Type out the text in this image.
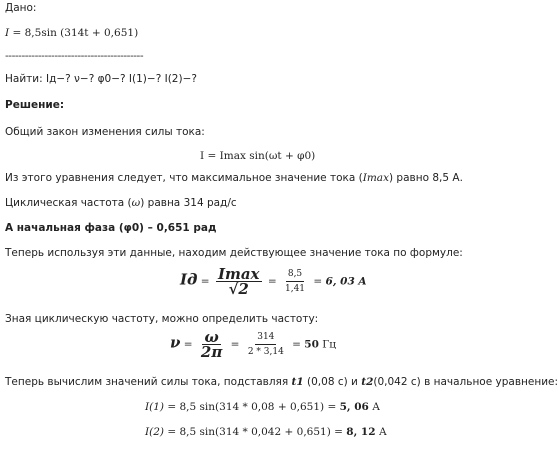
Дано:
I = 8,5sin (314t + 0,651)
------------------------------------------
Найти: Iд−? ν−? φ0−? I(1)−? I(2)−?
Решение:
Общий закон изменения силы тока:
I = Imax sin(ωt + φ0)
Из этого уравнения следует, что максимальное значение тока (Imax) равно 8,5 А.
Циклическая частота (ω) равна 314 рад/с
А начальная фаза (φ0) – 0,651 рад
Теперь используя эти данные, находим действующее значение тока по формуле:
Iд = $\frac{Imax}{√2} = \frac{8,5}{1,41} = 6$, 03 A
Зная циклическую частоту, можно определить частоту:
$\nu = \frac{\omega}{2\pi} = \frac{314}{2 * 3,14} = 50$ Гц
Теперь вычислим значений силы тока, подставляя t1 (0,08 с) и t2(0,042 с) в начальное уравнение:
I(1) = 8,5 sin(314 * 0,08 + 0,651) = 5, 06 А
I(2) = 8,5 sin(314 * 0,042 + 0,651) = 8, 12 А
